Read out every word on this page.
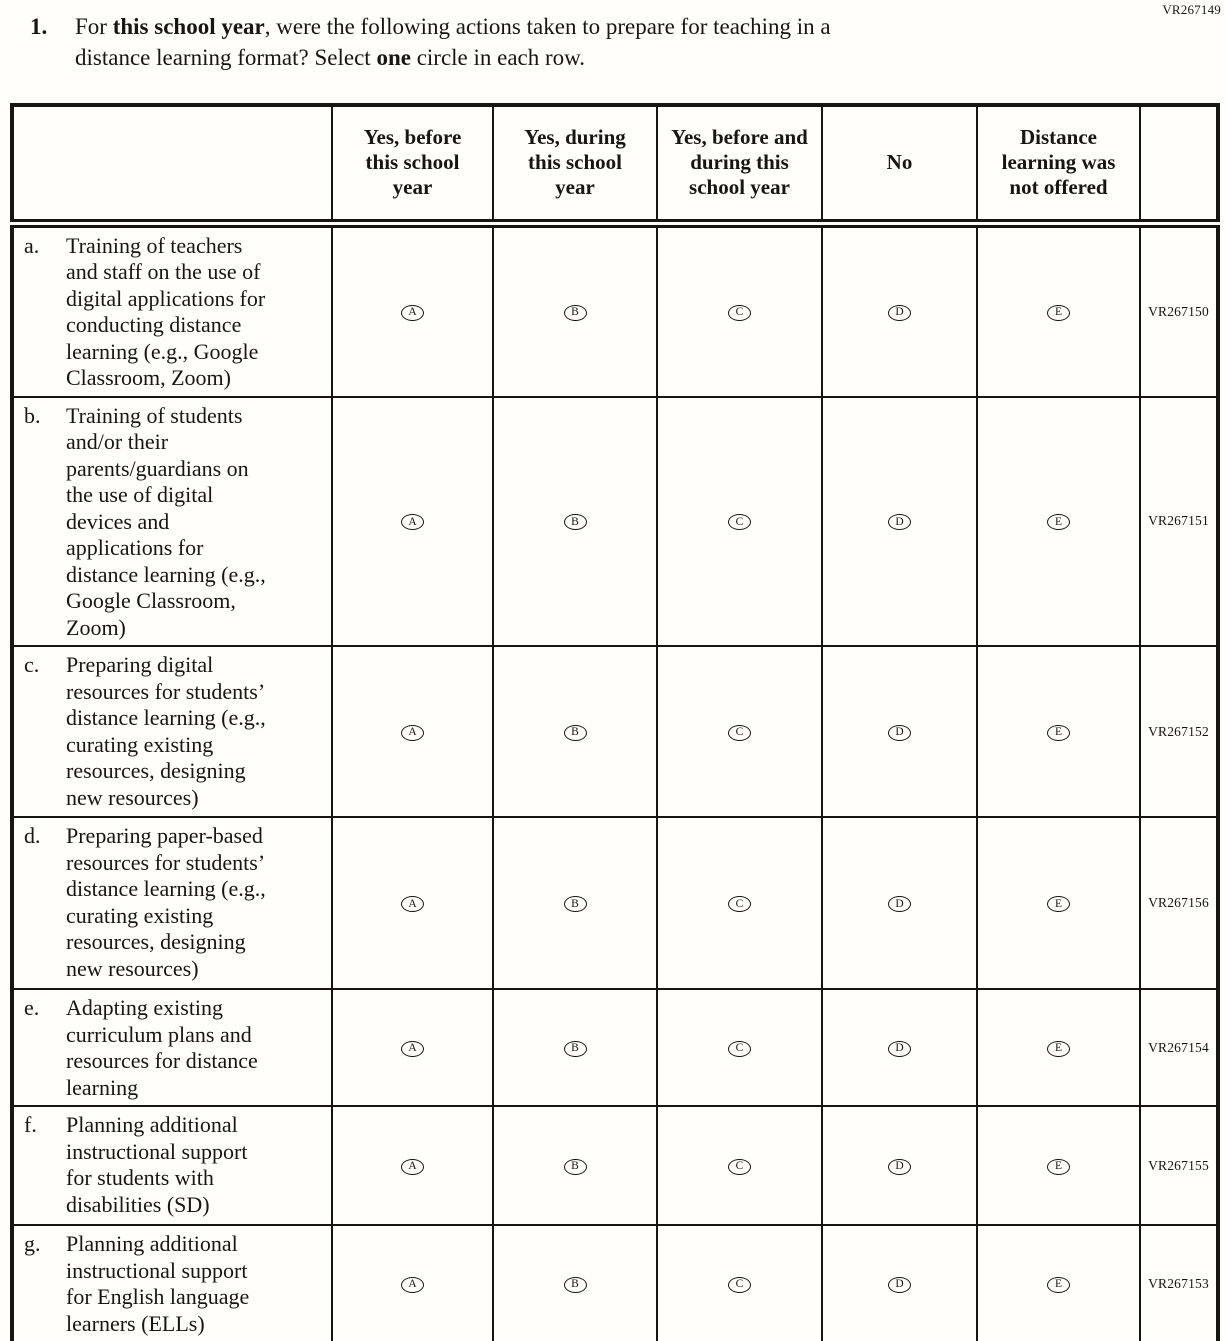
VR267149
1.	For this school year, were the following actions taken to prepare for teaching in a
distance learning format? Select one circle in each row.
	Yes, before this school year	Yes, during this school year	Yes, before and during this school year	No	Distance learning was not offered	

a. Training of teachers and staff on the use of digital applications for conducting distance learning (e.g., Google Classroom, Zoom)	A	B	C	D	E	VR267150

b. Training of students and/or their parents/guardians on the use of digital devices and applications for distance learning (e.g., Google Classroom, Zoom)	A	B	C	D	E	VR267151

c. Preparing digital resources for students’ distance learning (e.g., curating existing resources, designing new resources)	A	B	C	D	E	VR267152

d. Preparing paper-based resources for students’ distance learning (e.g., curating existing resources, designing new resources)	A	B	C	D	E	VR267156

e. Adapting existing curriculum plans and resources for distance learning	A	B	C	D	E	VR267154

f. Planning additional instructional support for students with disabilities (SD)	A	B	C	D	E	VR267155

g. Planning additional instructional support for English language learners (ELLs)	A	B	C	D	E	VR267153
